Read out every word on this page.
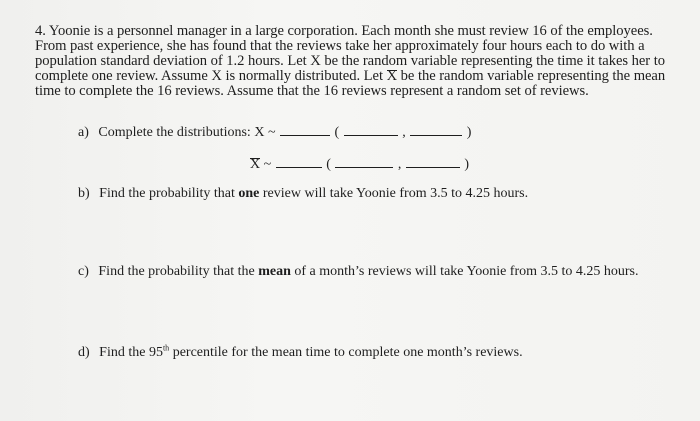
4. Yoonie is a personnel manager in a large corporation. Each month she must review 16 of the employees.
From past experience, she has found that the reviews take her approximately four hours each to do with a
population standard deviation of 1.2 hours. Let X be the random variable representing the time it takes her to
complete one review. Assume X is normally distributed. Let X be the random variable representing the mean
time to complete the 16 reviews. Assume that the 16 reviews represent a random set of reviews.
a) Complete the distributions: X ~	(	,	)
X ~	(	,	)
b) Find the probability that one review will take Yoonie from 3.5 to 4.25 hours.
c) Find the probability that the mean of a month’s reviews will take Yoonie from 3.5 to 4.25 hours.
d) Find the 95th percentile for the mean time to complete one month’s reviews.
